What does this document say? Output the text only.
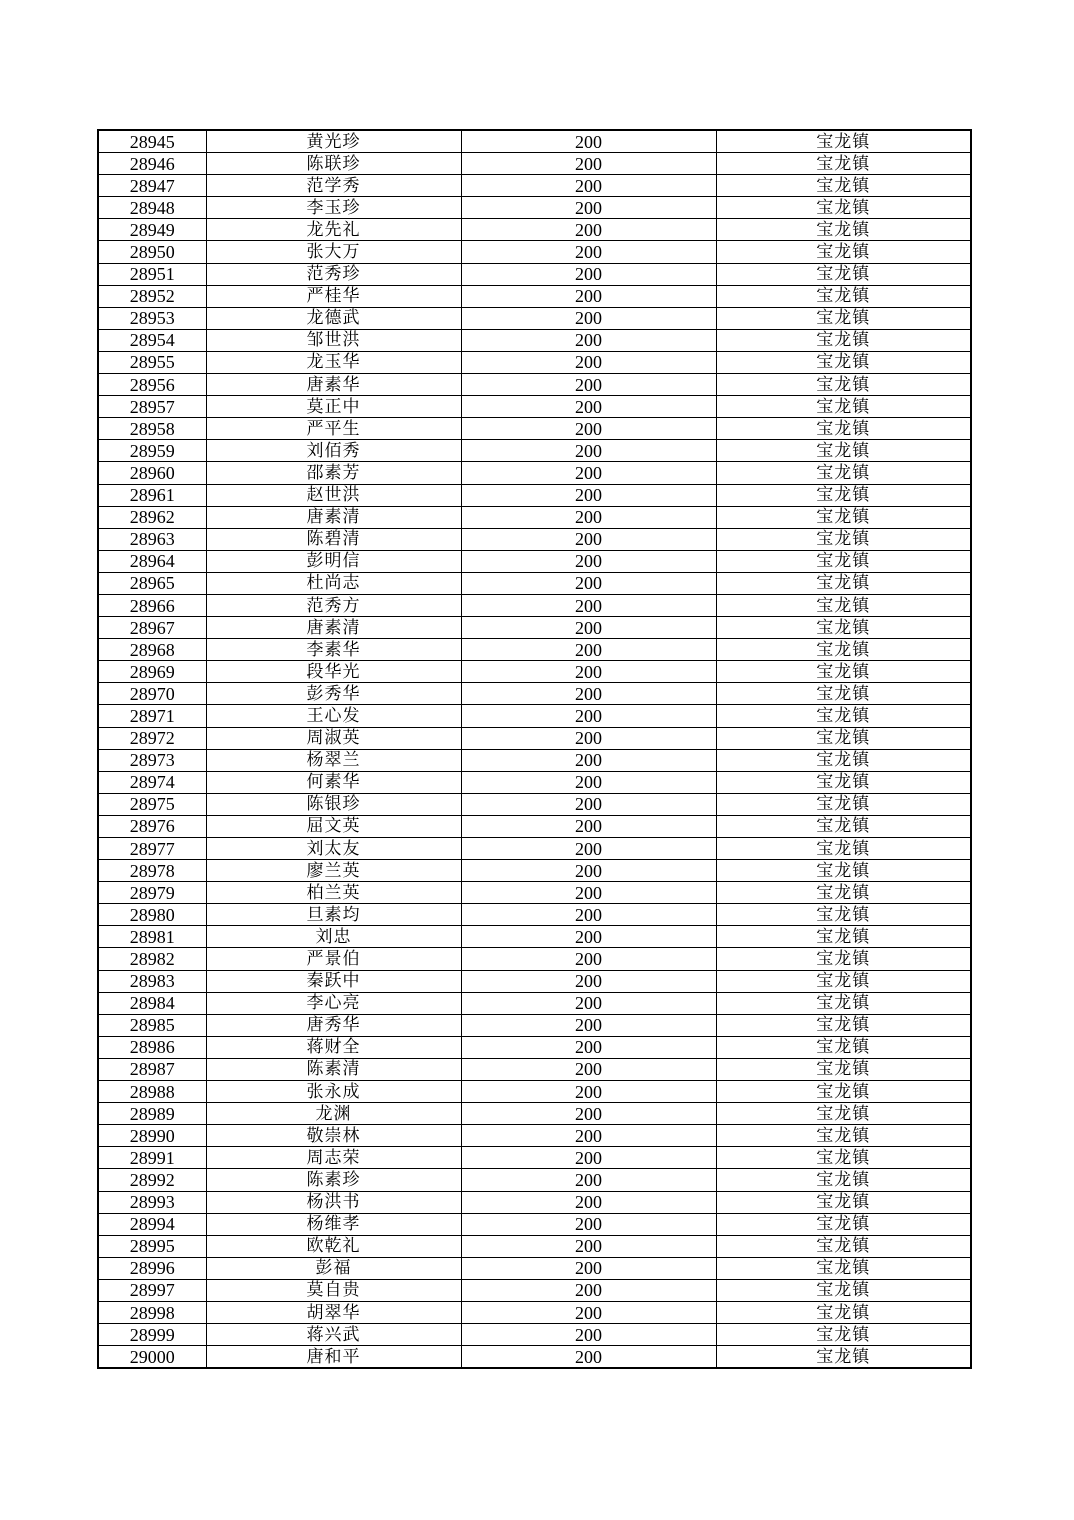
28945	黄光珍	200	宝龙镇
28946	陈联珍	200	宝龙镇
28947	范学秀	200	宝龙镇
28948	李玉珍	200	宝龙镇
28949	龙先礼	200	宝龙镇
28950	张大万	200	宝龙镇
28951	范秀珍	200	宝龙镇
28952	严桂华	200	宝龙镇
28953	龙德武	200	宝龙镇
28954	邹世洪	200	宝龙镇
28955	龙玉华	200	宝龙镇
28956	唐素华	200	宝龙镇
28957	莫正中	200	宝龙镇
28958	严平生	200	宝龙镇
28959	刘佰秀	200	宝龙镇
28960	邵素芳	200	宝龙镇
28961	赵世洪	200	宝龙镇
28962	唐素清	200	宝龙镇
28963	陈碧清	200	宝龙镇
28964	彭明信	200	宝龙镇
28965	杜尚志	200	宝龙镇
28966	范秀方	200	宝龙镇
28967	唐素清	200	宝龙镇
28968	李素华	200	宝龙镇
28969	段华光	200	宝龙镇
28970	彭秀华	200	宝龙镇
28971	王心发	200	宝龙镇
28972	周淑英	200	宝龙镇
28973	杨翠兰	200	宝龙镇
28974	何素华	200	宝龙镇
28975	陈银珍	200	宝龙镇
28976	屈文英	200	宝龙镇
28977	刘太友	200	宝龙镇
28978	廖兰英	200	宝龙镇
28979	柏兰英	200	宝龙镇
28980	旦素均	200	宝龙镇
28981	刘忠	200	宝龙镇
28982	严景伯	200	宝龙镇
28983	秦跃中	200	宝龙镇
28984	李心亮	200	宝龙镇
28985	唐秀华	200	宝龙镇
28986	蒋财全	200	宝龙镇
28987	陈素清	200	宝龙镇
28988	张永成	200	宝龙镇
28989	龙渊	200	宝龙镇
28990	敬崇林	200	宝龙镇
28991	周志荣	200	宝龙镇
28992	陈素珍	200	宝龙镇
28993	杨洪书	200	宝龙镇
28994	杨维孝	200	宝龙镇
28995	欧乾礼	200	宝龙镇
28996	彭福	200	宝龙镇
28997	莫自贵	200	宝龙镇
28998	胡翠华	200	宝龙镇
28999	蒋兴武	200	宝龙镇
29000	唐和平	200	宝龙镇
